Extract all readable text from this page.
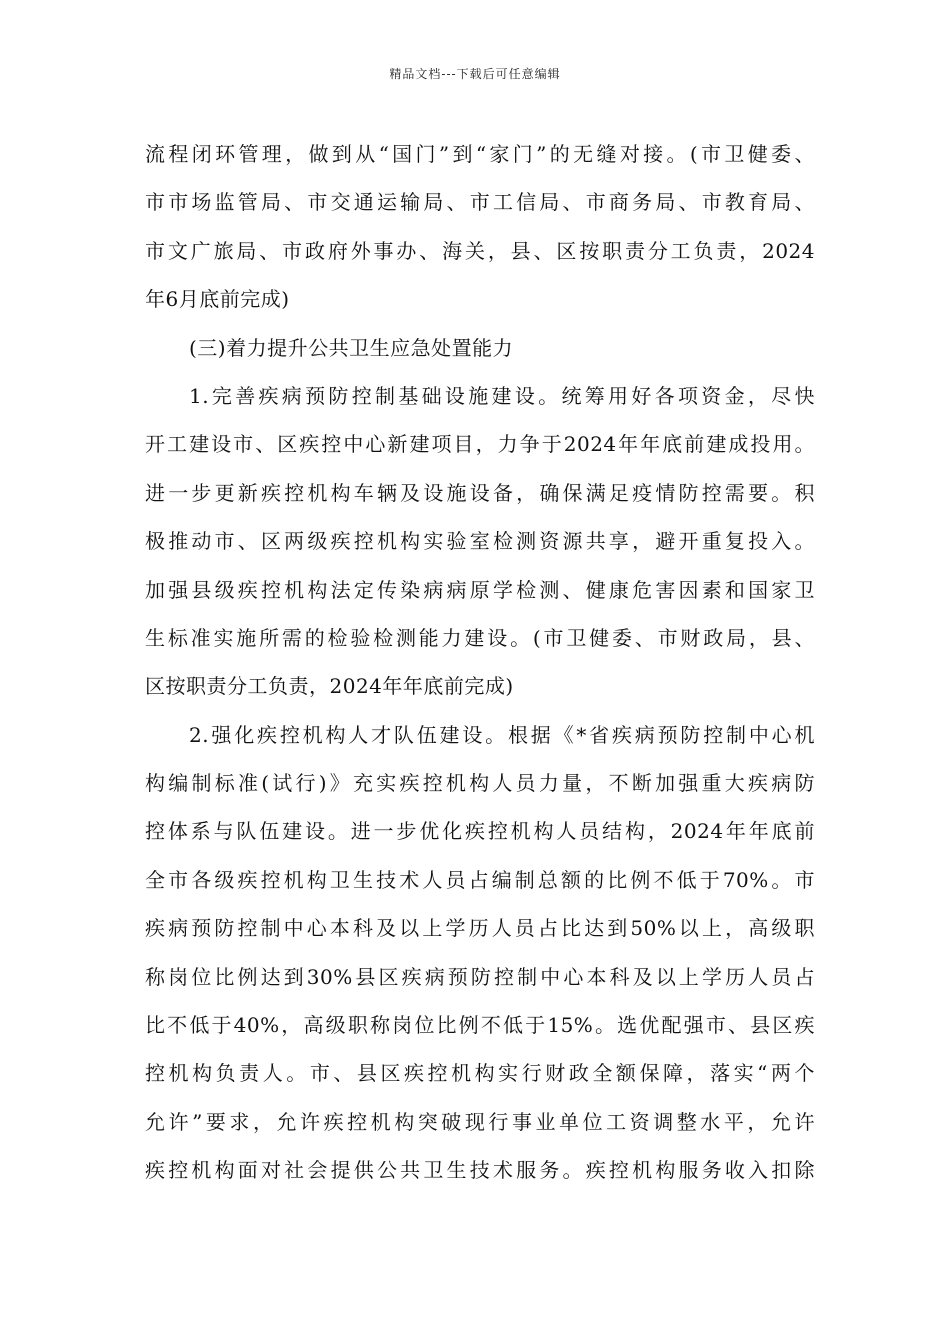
精品文档---下载后可任意编辑
流程闭环管理，做到从“国门”到“家门”的无缝对接。(市卫健委、
市市场监管局、市交通运输局、市工信局、市商务局、市教育局、
市文广旅局、市政府外事办、海关，县、区按职责分工负责，2024
年6月底前完成)
(三)着力提升公共卫生应急处置能力
1.完善疾病预防控制基础设施建设。统筹用好各项资金，尽快
开工建设市、区疾控中心新建项目，力争于2024年年底前建成投用。
进一步更新疾控机构车辆及设施设备，确保满足疫情防控需要。积
极推动市、区两级疾控机构实验室检测资源共享，避开重复投入。
加强县级疾控机构法定传染病病原学检测、健康危害因素和国家卫
生标准实施所需的检验检测能力建设。(市卫健委、市财政局，县、
区按职责分工负责，2024年年底前完成)
2.强化疾控机构人才队伍建设。根据《*省疾病预防控制中心机
构编制标准(试行)》充实疾控机构人员力量，不断加强重大疾病防
控体系与队伍建设。进一步优化疾控机构人员结构，2024年年底前
全市各级疾控机构卫生技术人员占编制总额的比例不低于70%。市
疾病预防控制中心本科及以上学历人员占比达到50%以上，高级职
称岗位比例达到30%县区疾病预防控制中心本科及以上学历人员占
比不低于40%，高级职称岗位比例不低于15%。选优配强市、县区疾
控机构负责人。市、县区疾控机构实行财政全额保障，落实“两个
允许”要求，允许疾控机构突破现行事业单位工资调整水平，允许
疾控机构面对社会提供公共卫生技术服务。疾控机构服务收入扣除
